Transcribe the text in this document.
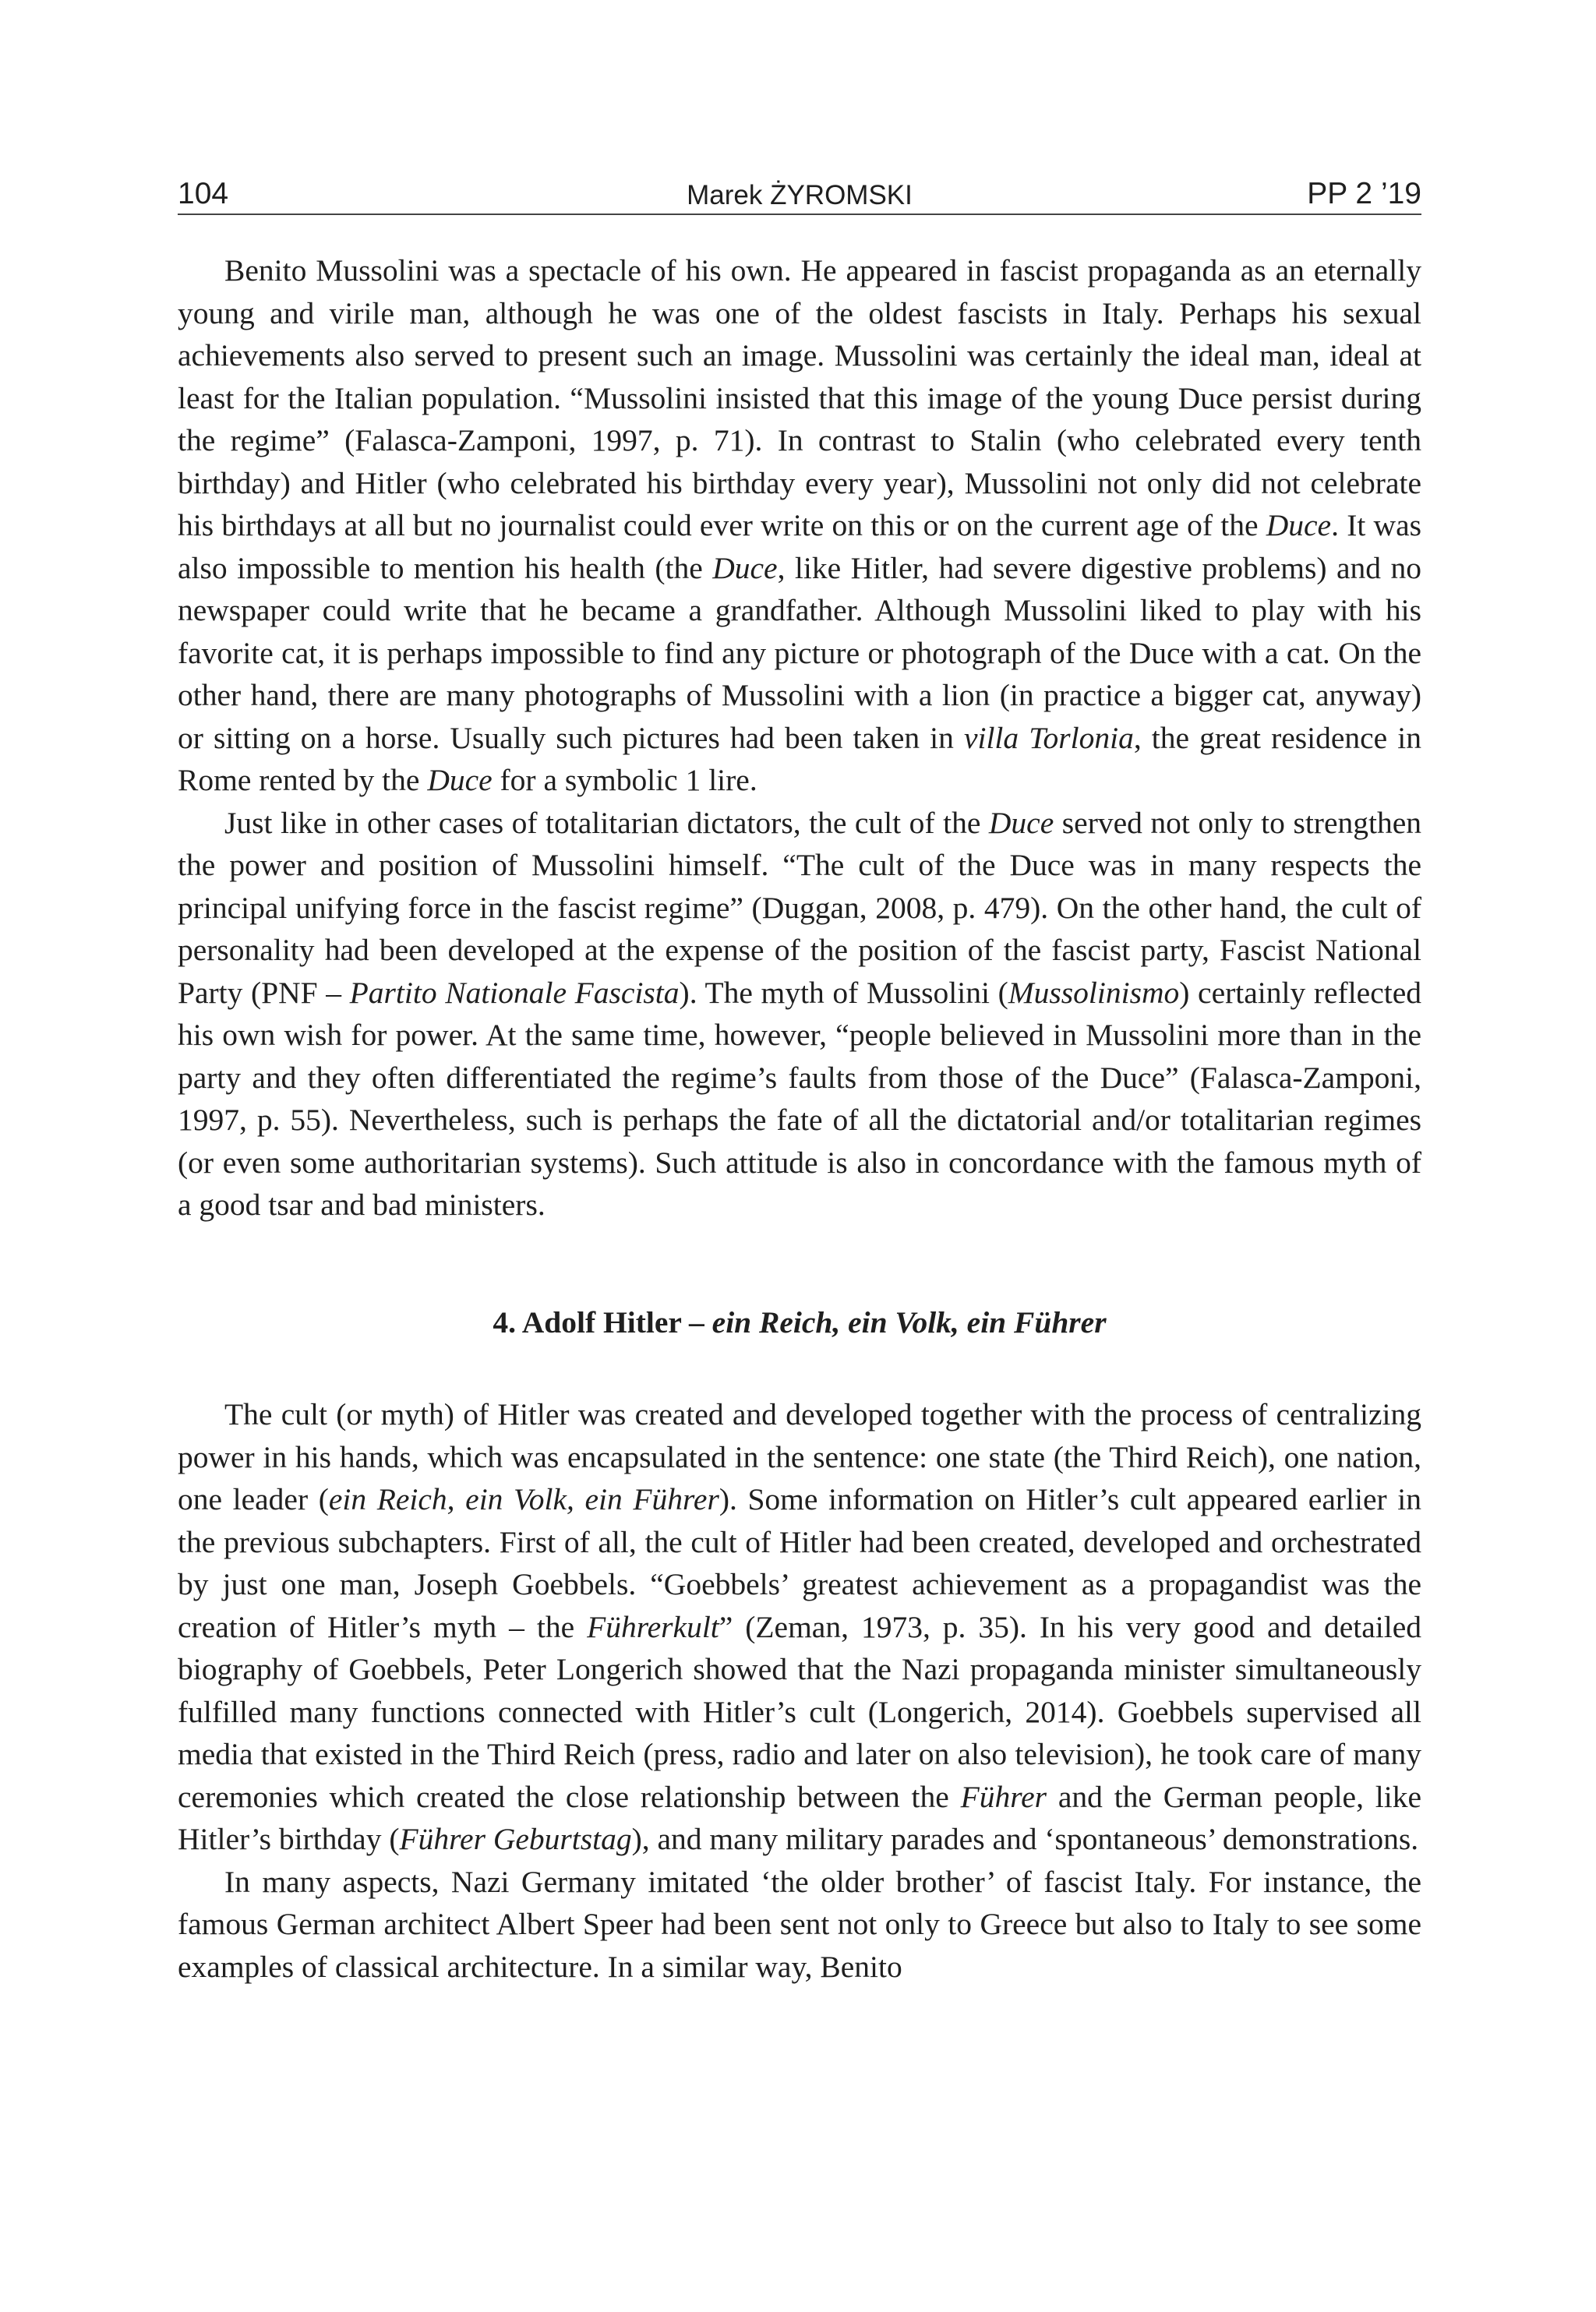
104	Marek ŻYROMSKI	PP 2 ’19

Benito Mussolini was a spectacle of his own. He appeared in fascist propaganda as an eternally young and virile man, although he was one of the oldest fascists in Italy. Perhaps his sexual achievements also served to present such an image. Mussolini was certainly the ideal man, ideal at least for the Italian population. “Mussolini insisted that this image of the young Duce persist during the regime” (Falasca-Zamponi, 1997, p. 71). In contrast to Stalin (who celebrated every tenth birthday) and Hitler (who celebrated his birthday every year), Mussolini not only did not celebrate his birthdays at all but no journalist could ever write on this or on the current age of the Duce. It was also impossible to mention his health (the Duce, like Hitler, had severe digestive problems) and no newspaper could write that he became a grandfather. Although Mussolini liked to play with his favorite cat, it is perhaps impossible to find any picture or photograph of the Duce with a cat. On the other hand, there are many photographs of Mussolini with a lion (in practice a bigger cat, anyway) or sitting on a horse. Usually such pictures had been taken in villa Torlonia, the great residence in Rome rented by the Duce for a symbolic 1 lire.

Just like in other cases of totalitarian dictators, the cult of the Duce served not only to strengthen the power and position of Mussolini himself. “The cult of the Duce was in many respects the principal unifying force in the fascist regime” (Duggan, 2008, p. 479). On the other hand, the cult of personality had been developed at the expense of the position of the fascist party, Fascist National Party (PNF – Partito Nationale Fascista). The myth of Mussolini (Mussolinismo) certainly reflected his own wish for power. At the same time, however, “people believed in Mussolini more than in the party and they often differentiated the regime’s faults from those of the Duce” (Falasca-Zamponi, 1997, p. 55). Nevertheless, such is perhaps the fate of all the dictatorial and/or totalitarian regimes (or even some authoritarian systems). Such attitude is also in concordance with the famous myth of a good tsar and bad ministers.

4. Adolf Hitler – ein Reich, ein Volk, ein Führer

The cult (or myth) of Hitler was created and developed together with the process of centralizing power in his hands, which was encapsulated in the sentence: one state (the Third Reich), one nation, one leader (ein Reich, ein Volk, ein Führer). Some information on Hitler’s cult appeared earlier in the previous subchapters. First of all, the cult of Hitler had been created, developed and orchestrated by just one man, Joseph Goebbels. “Goebbels’ greatest achievement as a propagandist was the creation of Hitler’s myth – the Führerkult” (Zeman, 1973, p. 35). In his very good and detailed biography of Goebbels, Peter Longerich showed that the Nazi propaganda minister simultaneously fulfilled many functions connected with Hitler’s cult (Longerich, 2014). Goebbels supervised all media that existed in the Third Reich (press, radio and later on also television), he took care of many ceremonies which created the close relationship between the Führer and the German people, like Hitler’s birthday (Führer Geburtstag), and many military parades and ‘spontaneous’ demonstrations.

In many aspects, Nazi Germany imitated ‘the older brother’ of fascist Italy. For instance, the famous German architect Albert Speer had been sent not only to Greece but also to Italy to see some examples of classical architecture. In a similar way, Benito
